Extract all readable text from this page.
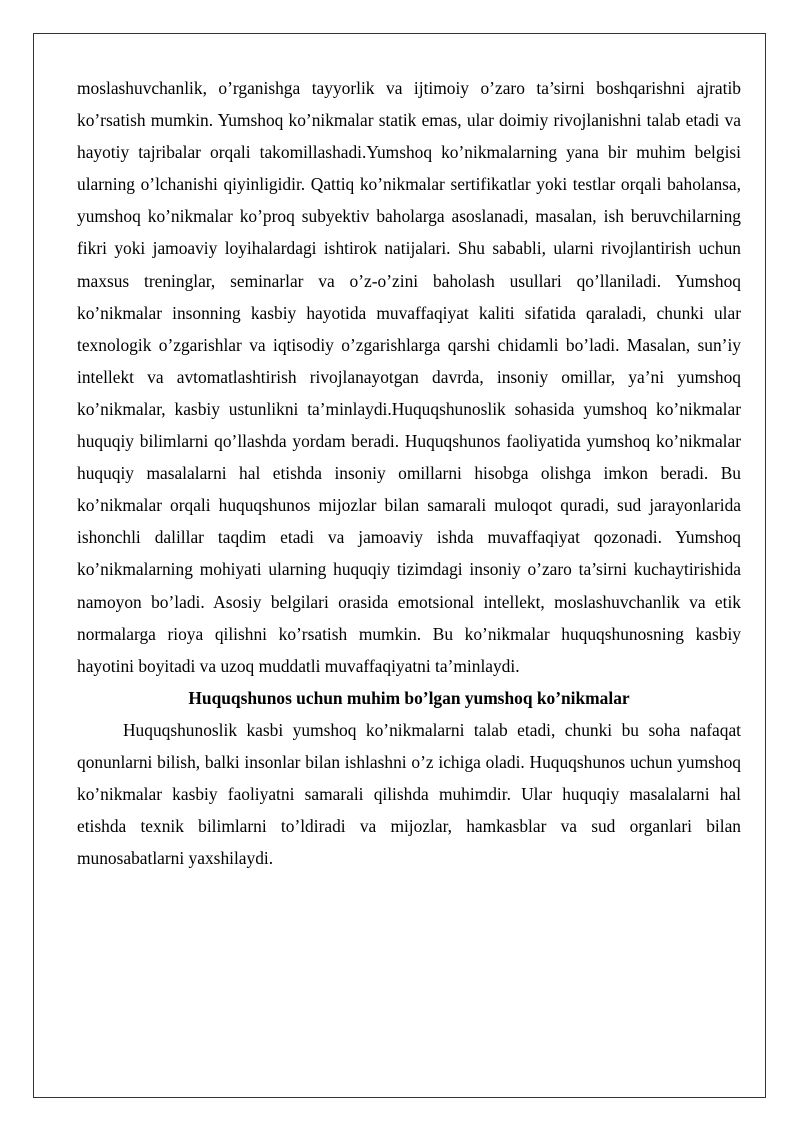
moslashuvchanlik, o’rganishga tayyorlik va ijtimoiy o’zaro ta’sirni boshqarishni ajratib ko’rsatish mumkin. Yumshoq ko’nikmalar statik emas, ular doimiy rivojlanishni talab etadi va hayotiy tajribalar orqali takomillashadi.Yumshoq ko’nikmalarning yana bir muhim belgisi ularning o’lchanishi qiyinligidir. Qattiq ko’nikmalar sertifikatlar yoki testlar orqali baholansa, yumshoq ko’nikmalar ko’proq subyektiv baholarga asoslanadi, masalan, ish beruvchilarning fikri yoki jamoaviy loyihalardagi ishtirok natijalari. Shu sababli, ularni rivojlantirish uchun maxsus treninglar, seminarlar va o’z-o’zini baholash usullari qo’llaniladi. Yumshoq ko’nikmalar insonning kasbiy hayotida muvaffaqiyat kaliti sifatida qaraladi, chunki ular texnologik o’zgarishlar va iqtisodiy o’zgarishlarga qarshi chidamli bo’ladi. Masalan, sun’iy intellekt va avtomatlashtirish rivojlanayotgan davrda, insoniy omillar, ya’ni yumshoq ko’nikmalar, kasbiy ustunlikni ta’minlaydi.Huquqshunoslik sohasida yumshoq ko’nikmalar huquqiy bilimlarni qo’llashda yordam beradi. Huquqshunos faoliyatida yumshoq ko’nikmalar huquqiy masalalarni hal etishda insoniy omillarni hisobga olishga imkon beradi. Bu ko’nikmalar orqali huquqshunos mijozlar bilan samarali muloqot quradi, sud jarayonlarida ishonchli dalillar taqdim etadi va jamoaviy ishda muvaffaqiyat qozonadi. Yumshoq ko’nikmalarning mohiyati ularning huquqiy tizimdagi insoniy o’zaro ta’sirni kuchaytirishida namoyon bo’ladi. Asosiy belgilari orasida emotsional intellekt, moslashuvchanlik va etik normalarga rioya qilishni ko’rsatish mumkin. Bu ko’nikmalar huquqshunosning kasbiy hayotini boyitadi va uzoq muddatli muvaffaqiyatni ta’minlaydi.

Huquqshunos uchun muhim bo’lgan yumshoq ko’nikmalar

Huquqshunoslik kasbi yumshoq ko’nikmalarni talab etadi, chunki bu soha nafaqat qonunlarni bilish, balki insonlar bilan ishlashni o’z ichiga oladi. Huquqshunos uchun yumshoq ko’nikmalar kasbiy faoliyatni samarali qilishda muhimdir. Ular huquqiy masalalarni hal etishda texnik bilimlarni to’ldiradi va mijozlar, hamkasblar va sud organlari bilan munosabatlarni yaxshilaydi.
